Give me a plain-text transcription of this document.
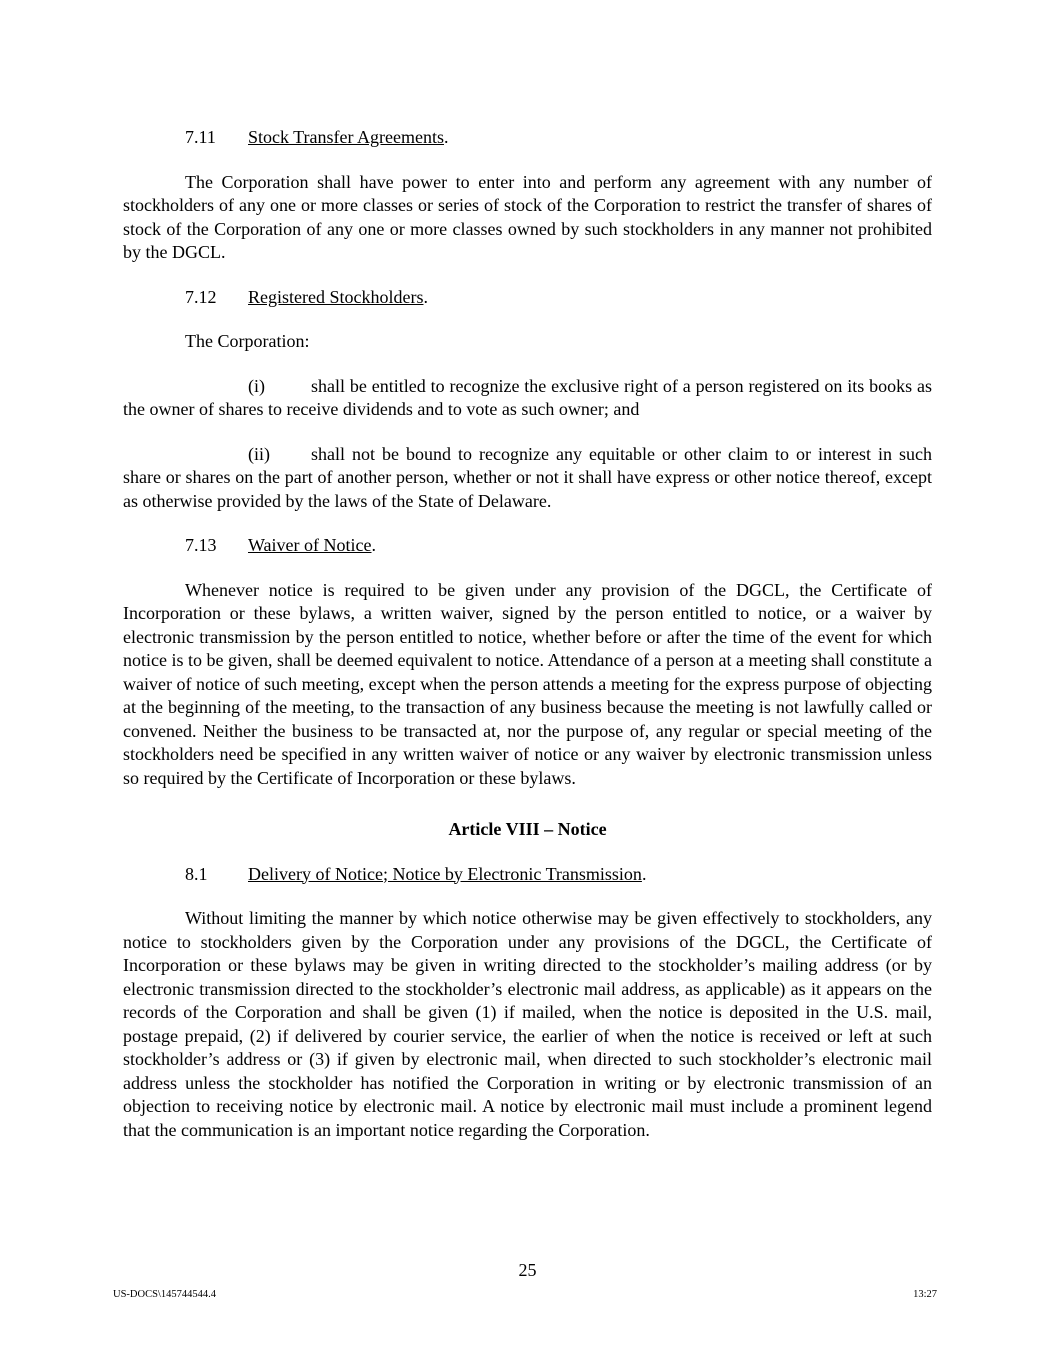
7.11 Stock Transfer Agreements.

The Corporation shall have power to enter into and perform any agreement with any number of stockholders of any one or more classes or series of stock of the Corporation to restrict the transfer of shares of stock of the Corporation of any one or more classes owned by such stockholders in any manner not prohibited by the DGCL.

7.12 Registered Stockholders.

The Corporation:

(i)	shall be entitled to recognize the exclusive right of a person registered on its books as the owner of shares to receive dividends and to vote as such owner; and

(ii) shall not be bound to recognize any equitable or other claim to or interest in such share or shares on the part of another person, whether or not it shall have express or other notice thereof, except as otherwise provided by the laws of the State of Delaware.

7.13 Waiver of Notice.

Whenever notice is required to be given under any provision of the DGCL, the Certificate of Incorporation or these bylaws, a written waiver, signed by the person entitled to notice, or a waiver by electronic transmission by the person entitled to notice, whether before or after the time of the event for which notice is to be given, shall be deemed equivalent to notice. Attendance of a person at a meeting shall constitute a waiver of notice of such meeting, except when the person attends a meeting for the express purpose of objecting at the beginning of the meeting, to the transaction of any business because the meeting is not lawfully called or convened. Neither the business to be transacted at, nor the purpose of, any regular or special meeting of the stockholders need be specified in any written waiver of notice or any waiver by electronic transmission unless so required by the Certificate of Incorporation or these bylaws.

Article VIII – Notice

8.1 Delivery of Notice; Notice by Electronic Transmission.

Without limiting the manner by which notice otherwise may be given effectively to stockholders, any notice to stockholders given by the Corporation under any provisions of the DGCL, the Certificate of Incorporation or these bylaws may be given in writing directed to the stockholder’s mailing address (or by electronic transmission directed to the stockholder’s electronic mail address, as applicable) as it appears on the records of the Corporation and shall be given (1) if mailed, when the notice is deposited in the U.S. mail, postage prepaid, (2) if delivered by courier service, the earlier of when the notice is received or left at such stockholder’s address or (3) if given by electronic mail, when directed to such stockholder’s electronic mail address unless the stockholder has notified the Corporation in writing or by electronic transmission of an objection to receiving notice by electronic mail. A notice by electronic mail must include a prominent legend that the communication is an important notice regarding the Corporation.

25
US-DOCS\145744544.4	13:27
